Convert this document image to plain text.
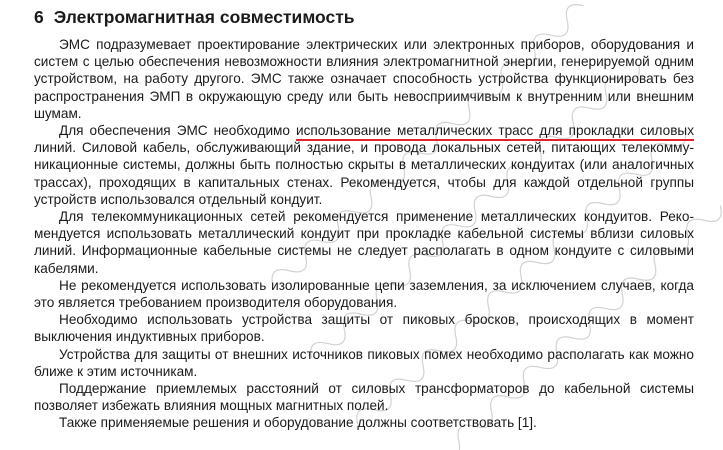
6 Электромагнитная совместимость

ЭМС подразумевает проектирование электрических или электронных приборов, оборудования и систем с целью обеспечения невозможности влияния электромагнитной энергии, генерируемой одним устройством, на работу другого. ЭМС также означает способность устройства функционировать без распространения ЭМП в окружающую среду или быть невосприимчивым к внутренним или внешним шумам.

Для обеспечения ЭМС необходимо использование металлических трасс для прокладки силовых линий. Силовой кабель, обслуживающий здание, и провода локальных сетей, питающих телекоммуникационные системы, должны быть полностью скрыты в металлических кондуитах (или аналогичных трассах), проходящих в капитальных стенах. Рекомендуется, чтобы для каждой отдельной группы устройств использовался отдельный кондуит.

Для телекоммуникационных сетей рекомендуется применение металлических кондуитов. Рекомендуется использовать металлический кондуит при прокладке кабельной системы вблизи силовых линий. Информационные кабельные системы не следует располагать в одном кондуите с силовыми кабелями.

Не рекомендуется использовать изолированные цепи заземления, за исключением случаев, когда это является требованием производителя оборудования.

Необходимо использовать устройства защиты от пиковых бросков, происходящих в момент выключения индуктивных приборов.

Устройства для защиты от внешних источников пиковых помех необходимо располагать как можно ближе к этим источникам.

Поддержание приемлемых расстояний от силовых трансформаторов до кабельной системы позволяет избежать влияния мощных магнитных полей.

Также применяемые решения и оборудование должны соответствовать [1].
